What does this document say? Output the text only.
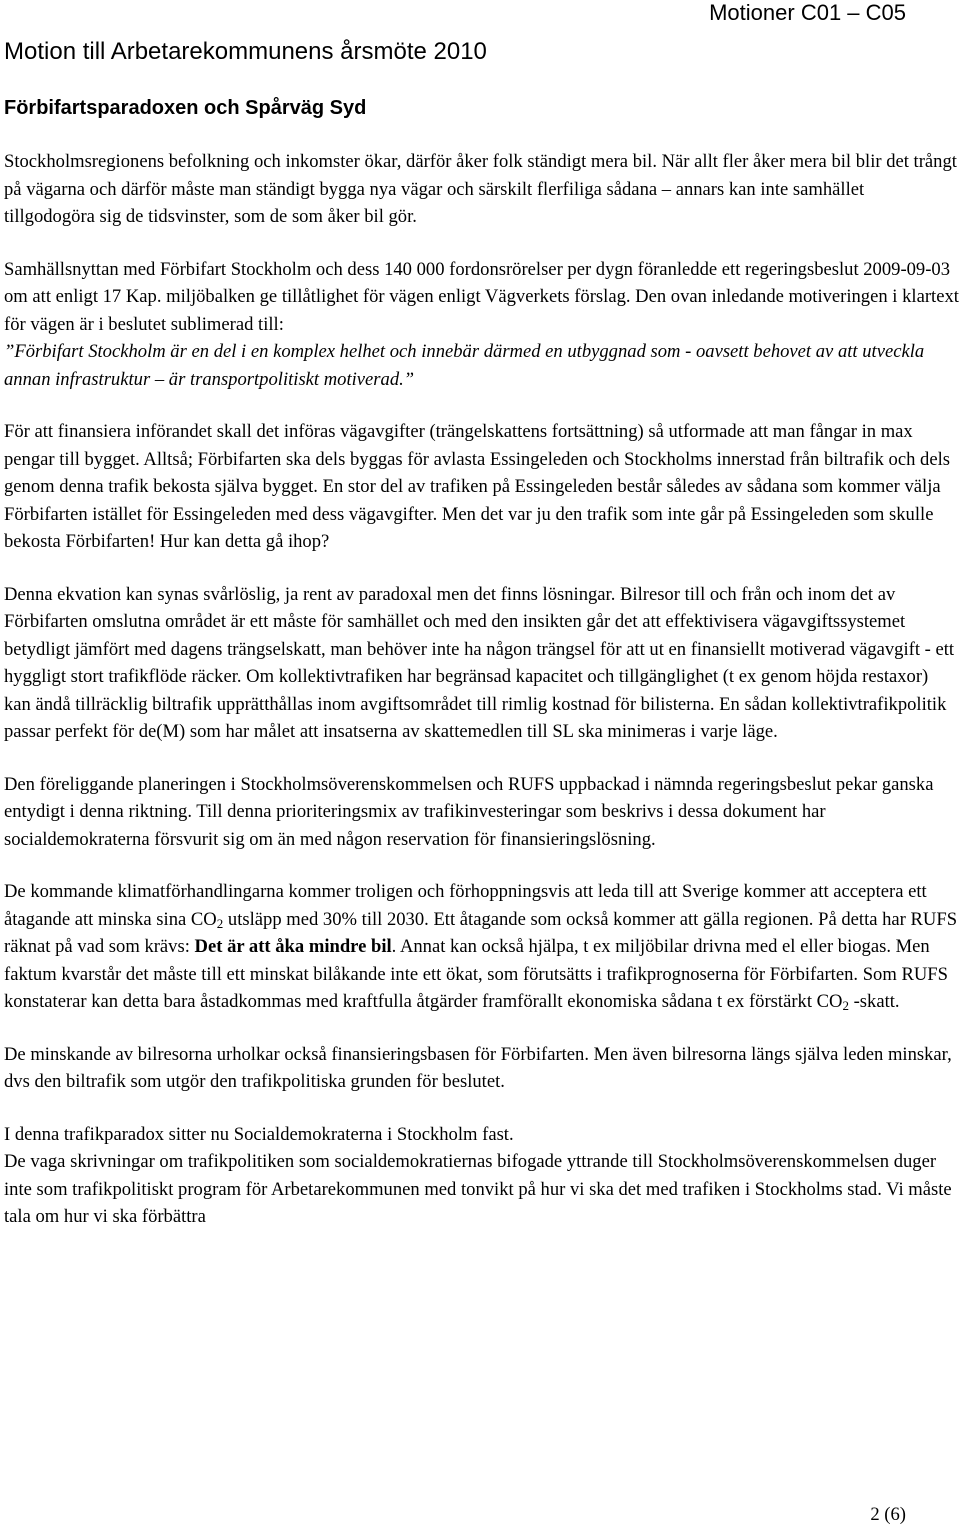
Motioner C01 – C05
Motion till Arbetarekommunens årsmöte 2010
Förbifartsparadoxen och Spårväg Syd

Stockholmsregionens befolkning och inkomster ökar, därför åker folk ständigt mera bil. När allt fler åker mera bil blir det trångt på vägarna och därför måste man ständigt bygga nya vägar och särskilt flerfiliga sådana – annars kan inte samhället tillgodogöra sig de tidsvinster, som de som åker bil gör.

Samhällsnyttan med Förbifart Stockholm och dess 140 000 fordonsrörelser per dygn föranledde ett regeringsbeslut 2009-09-03 om att enligt 17 Kap. miljöbalken ge tillåtlighet för vägen enligt Vägverkets förslag. Den ovan inledande motiveringen i klartext för vägen är i beslutet sublimerad till:

”Förbifart Stockholm är en del i en komplex helhet och innebär därmed en utbyggnad som - oavsett behovet av att utveckla annan infrastruktur – är transportpolitiskt motiverad.”

För att finansiera införandet skall det införas vägavgifter (trängelskattens fortsättning) så utformade att man fångar in max pengar till bygget. Alltså; Förbifarten ska dels byggas för avlasta Essingeleden och Stockholms innerstad från biltrafik och dels genom denna trafik bekosta själva bygget. En stor del av trafiken på Essingeleden består således av sådana som kommer välja Förbifarten istället för Essingeleden med dess vägavgifter. Men det var ju den trafik som inte går på Essingeleden som skulle bekosta Förbifarten! Hur kan detta gå ihop?

Denna ekvation kan synas svårlöslig, ja rent av paradoxal men det finns lösningar. Bilresor till och från och inom det av Förbifarten omslutna området är ett måste för samhället och med den insikten går det att effektivisera vägavgiftssystemet betydligt jämfört med dagens trängselskatt, man behöver inte ha någon trängsel för att ut en finansiellt motiverad vägavgift - ett hyggligt stort trafikflöde räcker. Om kollektivtrafiken har begränsad kapacitet och tillgänglighet (t ex genom höjda restaxor) kan ändå tillräcklig biltrafik upprätthållas inom avgiftsområdet till rimlig kostnad för bilisterna. En sådan kollektivtrafikpolitik passar perfekt för de(M) som har målet att insatserna av skattemedlen till SL ska minimeras i varje läge.

Den föreliggande planeringen i Stockholmsöverenskommelsen och RUFS uppbackad i nämnda regeringsbeslut pekar ganska entydigt i denna riktning. Till denna prioriteringsmix av trafikinvesteringar som beskrivs i dessa dokument har socialdemokraterna försvurit sig om än med någon reservation för finansieringslösning.

De kommande klimatförhandlingarna kommer troligen och förhoppningsvis att leda till att Sverige kommer att acceptera ett åtagande att minska sina $CO_2$ utsläpp med 30% till 2030. Ett åtagande som också kommer att gälla regionen. På detta har RUFS räknat på vad som krävs: Det är att åka mindre bil. Annat kan också hjälpa, t ex miljöbilar drivna med el eller biogas. Men faktum kvarstår det måste till ett minskat bilåkande inte ett ökat, som förutsätts i trafikprognoserna för Förbifarten. Som RUFS konstaterar kan detta bara åstadkommas med kraftfulla åtgärder framförallt ekonomiska sådana t ex förstärkt $CO_2$ -skatt.

De minskande av bilresorna urholkar också finansieringsbasen för Förbifarten. Men även bilresorna längs själva leden minskar, dvs den biltrafik som utgör den trafikpolitiska grunden för beslutet.

I denna trafikparadox sitter nu Socialdemokraterna i Stockholm fast.

De vaga skrivningar om trafikpolitiken som socialdemokratiernas bifogade yttrande till Stockholmsöverenskommelsen duger inte som trafikpolitiskt program för Arbetarekommunen med tonvikt på hur vi ska det med trafiken i Stockholms stad. Vi måste tala om hur vi ska förbättra

2 (6)
